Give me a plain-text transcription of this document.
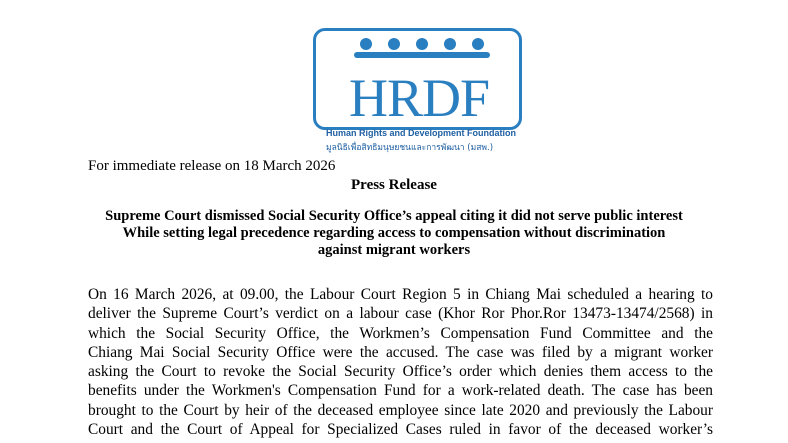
HRDF
Human Rights and Development Foundation
มูลนิธิเพื่อสิทธิมนุษยชนและการพัฒนา (มสพ.)
For immediate release on 18 March 2026
Press Release
Supreme Court dismissed Social Security Office’s appeal citing it did not serve public interest
While setting legal precedence regarding access to compensation without discrimination
against migrant workers
On 16 March 2026, at 09.00, the Labour Court Region 5 in Chiang Mai scheduled a hearing to
deliver the Supreme Court’s verdict on a labour case (Khor Ror Phor.Ror 13473-13474/2568) in
which the Social Security Office, the Workmen’s Compensation Fund Committee and the
Chiang Mai Social Security Office were the accused. The case was filed by a migrant worker
asking the Court to revoke the Social Security Office’s order which denies them access to the
benefits under the Workmen's Compensation Fund for a work-related death. The case has been
brought to the Court by heir of the deceased employee since late 2020 and previously the Labour
Court and the Court of Appeal for Specialized Cases ruled in favor of the deceased worker’s
